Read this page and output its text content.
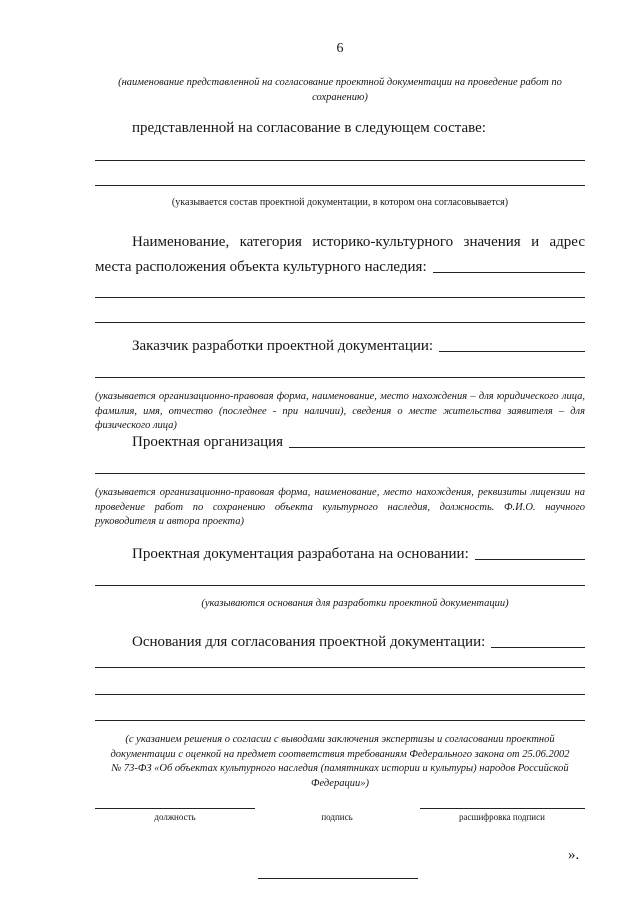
6
(наименование представленной на согласование проектной документации на проведение работ по
сохранению)
представленной на согласование в следующем составе:
(указывается состав проектной документации, в котором она согласовывается)
Наименование, категория историко-культурного значения и адрес
места расположения объекта культурного наследия:
Заказчик разработки проектной документации:
(указывается организационно-правовая форма, наименование, место нахождения – для юридического лица,
фамилия, имя, отчество (последнее - при наличии), сведения о месте жительства заявителя – для
физического лица)
Проектная организация
(указывается организационно-правовая форма, наименование, место нахождения, реквизиты лицензии на
проведение работ по сохранению объекта культурного наследия, должность. Ф.И.О. научного
руководителя и автора проекта)
Проектная документация разработана на основании:
(указываются основания для разработки проектной документации)
Основания для согласования проектной документации:
(с указанием решения о согласии с выводами заключения экспертизы и согласовании проектной
документации с оценкой на предмет соответствия требованиям Федерального закона от 25.06.2002
№ 73-ФЗ «Об объектах культурного наследия (памятниках истории и культуры) народов Российской
Федерации»)
должность	подпись	расшифровка подписи
».
